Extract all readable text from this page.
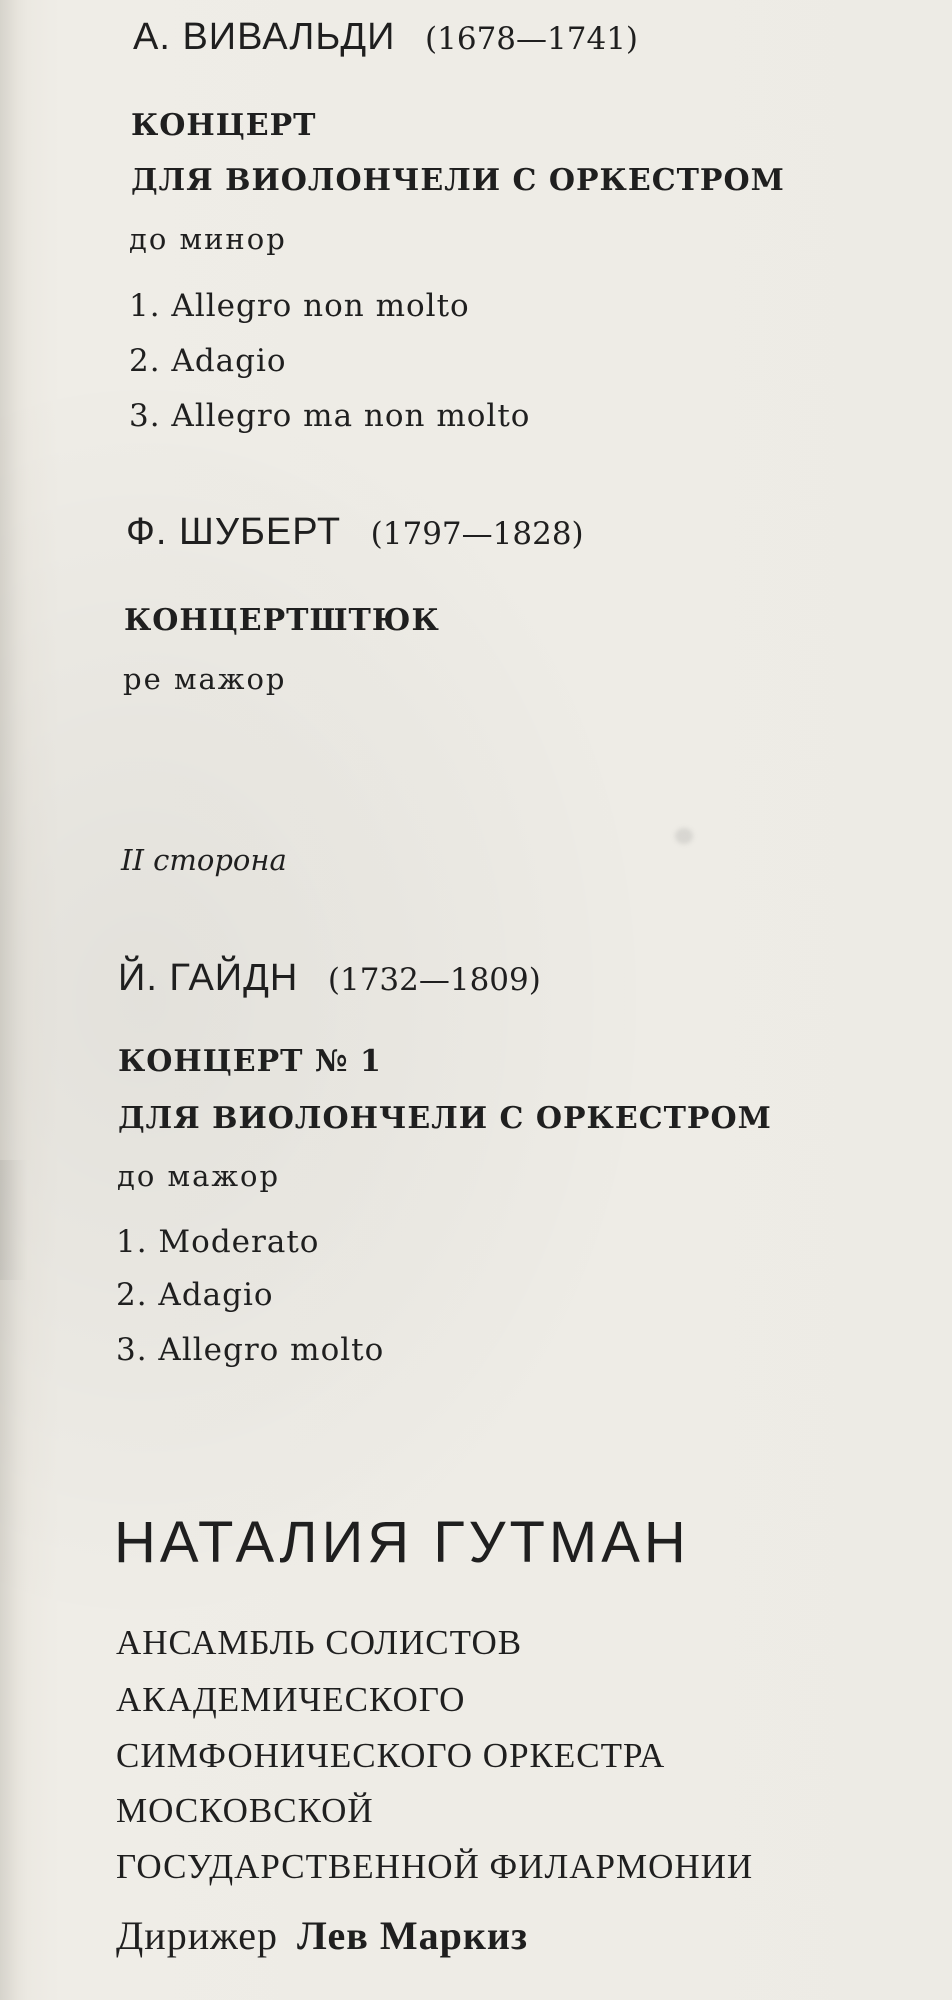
А. ВИВАЛЬДИ (1678—1741)
КОНЦЕРТ
ДЛЯ ВИОЛОНЧЕЛИ С ОРКЕСТРОМ
до минор
1. Allegro non molto
2. Adagio
3. Allegro ma non molto
Ф. ШУБЕРТ (1797—1828)
КОНЦЕРТШТЮК
ре мажор
II сторона
Й. ГАЙДН (1732—1809)
КОНЦЕРТ № 1
ДЛЯ ВИОЛОНЧЕЛИ С ОРКЕСТРОМ
до мажор
1. Moderato
2. Adagio
3. Allegro molto
НАТАЛИЯ ГУТМАН
АНСАМБЛЬ СОЛИСТОВ
АКАДЕМИЧЕСКОГО
СИМФОНИЧЕСКОГО ОРКЕСТРА
МОСКОВСКОЙ
ГОСУДАРСТВЕННОЙ ФИЛАРМОНИИ
Дирижер Лев Маркиз
